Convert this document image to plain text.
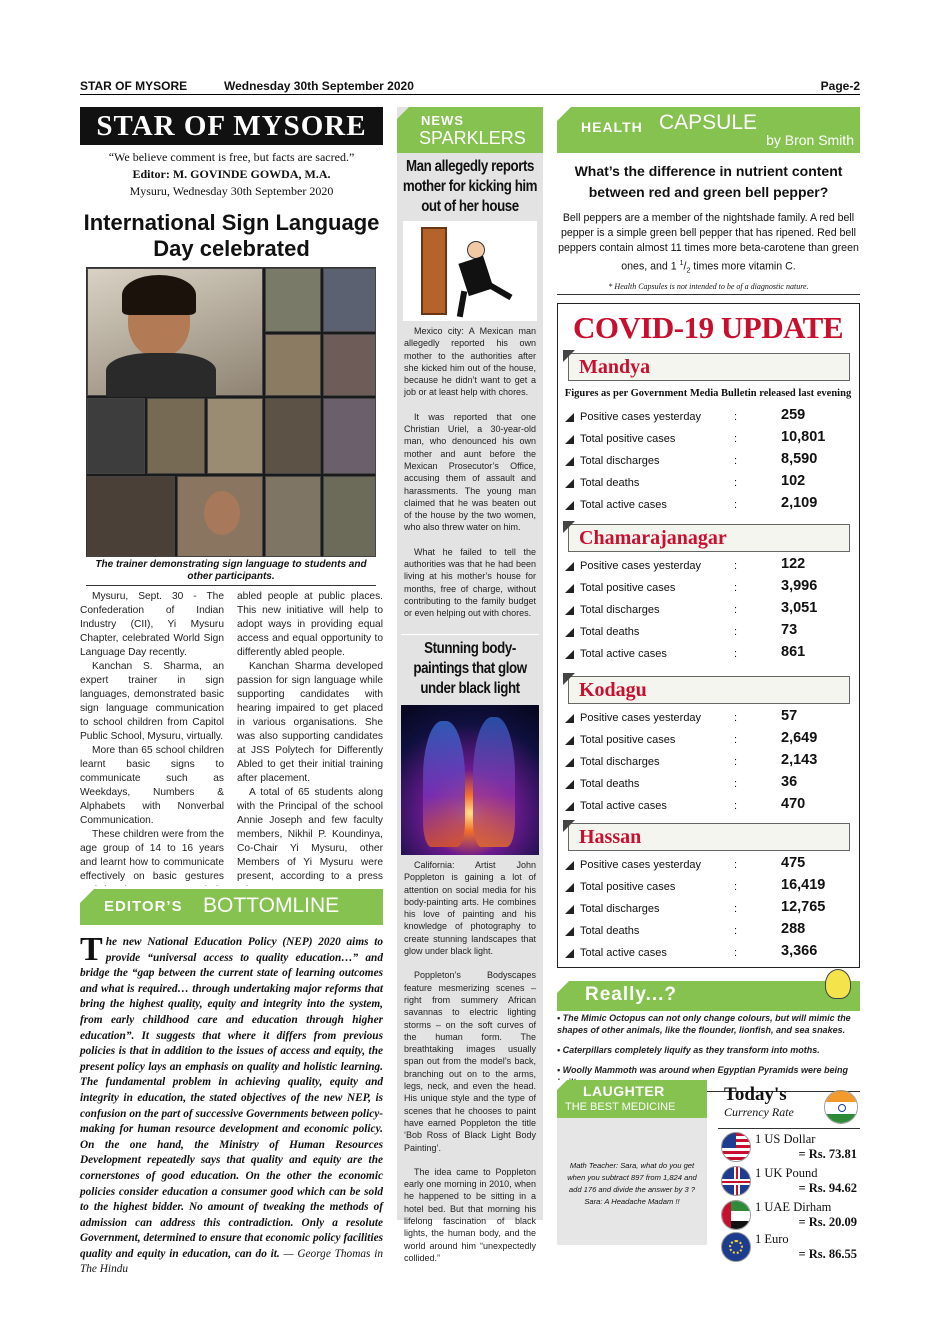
STAR OF MYSORE	Wednesday 30th September 2020	Page-2
STAR OF MYSORE
“We believe comment is free, but facts are sacred.”
Editor: M. GOVINDE GOWDA, M.A.
Mysuru, Wednesday 30th September 2020
International Sign Language Day celebrated
The trainer demonstrating sign language to students and other participants.

Mysuru, Sept. 30 - The Confederation of Indian Industry (CII), Yi Mysuru Chapter, celebrated World Sign Language Day recently.

Kanchan S. Sharma, an expert trainer in sign languages, demonstrated basic sign language communication to school children from Capitol Public School, Mysuru, virtually.

More than 65 school children learnt basic signs to communicate such as Weekdays, Numbers & Alphabets with Nonverbal Communication.

These children were from the age group of 14 to 16 years and learnt how to communicate effectively on basic gestures

abled people at public places. This new initiative will help to adopt ways in providing equal access and equal opportunity to differently abled people.

Kanchan Sharma developed passion for sign language while supporting candidates with hearing impaired to get placed in various organisations. She was also supporting candidates at JSS Polytech for Differently Abled to get their initial training after placement.

A total of 65 students along with the Principal of the school Annie Joseph and few faculty members, Nikhil P. Koundinya, Co-Chair Yi Mysuru, other Members of Yi Mysuru were present, according to a press

EDITOR’S BOTTOMLINE
The new National Education Policy (NEP) 2020 aims to provide “universal access to quality education…” and bridge the “gap between the current state of learning outcomes and what is required… through undertaking major reforms that bring the highest quality, equity and integrity into the system, from early childhood care and education through higher education”. It suggests that where it differs from previous policies is that in addition to the issues of access and equity, the present policy lays an emphasis on quality and holistic learning. The fundamental problem in achieving quality, equity and integrity in education, the stated objectives of the new NEP, is confusion on the part of successive Governments between policy-making for human resource development and economic policy. On the one hand, the Ministry of Human Resources Development repeatedly says that quality and equity are the cornerstones of good education. On the other the economic policies consider education a consumer good which can be sold to the highest bidder. No amount of tweaking the methods of admission can address this contradiction. Only a resolute Government, determined to ensure that economic policy facilities quality and equity in education, can do it. — George Thomas in The Hindu
NEWS
SPARKLERS
Man allegedly reports mother for kicking him out of her house

Mexico city: A Mexican man allegedly reported his own mother to the authorities after she kicked him out of the house, because he didn’t want to get a job or at least help with chores.

It was reported that one Christian Uriel, a 30-year-old man, who denounced his own mother and aunt before the Mexican Prosecutor’s Office, accusing them of assault and harassments. The young man claimed that he was beaten out of the house by the two women, who also threw water on him.

What he failed to tell the authorities was that he had been living at his mother’s house for months, free of charge, without contributing to the family budget or even helping out with chores.

Stunning body-paintings that glow under black light

California: Artist John Poppleton is gaining a lot of attention on social media for his body-painting arts. He combines his love of painting and his knowledge of photography to create stunning landscapes that glow under black light.

Poppleton’s Bodyscapes feature mesmerizing scenes – right from summery African savannas to electric lighting storms – on the soft curves of the human form. The breathtaking images usually span out from the model’s back, branching out on to the arms, legs, neck, and even the head. His unique style and the type of scenes that he chooses to paint have earned Poppleton the title ‘Bob Ross of Black Light Body Painting’.

The idea came to Poppleton early one morning in 2010, when he happened to be sitting in a hotel bed. But that morning his lifelong fascination of black lights, the human body, and the world around him “unexpectedly collided.”

HEALTH CAPSULE
by Bron Smith
What’s the difference in nutrient content between red and green bell pepper?
Bell peppers are a member of the nightshade family. A red bell pepper is a simple green bell pepper that has ripened. Red bell peppers contain almost 11 times more beta-carotene than green ones, and 1 $^1/_2$ times more vitamin C.
* Health Capsules is not intended to be of a diagnostic nature.
COVID-19 UPDATE
Mandya
Figures as per Government Media Bulletin released last evening
Positive cases yesterday	:	259
Total positive cases	:	10,801
Total discharges	:	8,590
Total deaths	:	102
Total active cases	:	2,109
Chamarajanagar
Positive cases yesterday	:	122
Total positive cases	:	3,996
Total discharges	:	3,051
Total deaths	:	73
Total active cases	:	861
Kodagu
Positive cases yesterday	:	57
Total positive cases	:	2,649
Total discharges	:	2,143
Total deaths	:	36
Total active cases	:	470
Hassan
Positive cases yesterday	:	475
Total positive cases	:	16,419
Total discharges	:	12,765
Total deaths	:	288
Total active cases	:	3,366
Really...?

• The Mimic Octopus can not only change colours, but will mimic the shapes of other animals, like the flounder, lionfish, and sea snakes.

• Caterpillars completely liquify as they transform into moths.

• Woolly Mammoth was around when Egyptian Pyramids were being

LAUGHTER
THE BEST MEDICINE
Math Teacher: Sara, what do you get when you subtract 897 from 1,824 and add 176 and divide the answer by 3 ?
Sara: A Headache Madam !!
Today's
Currency Rate
1 US Dollar
= Rs. 73.81
1 UK Pound
= Rs. 94.62
1 UAE Dirham
= Rs. 20.09
1 Euro
= Rs. 86.55
